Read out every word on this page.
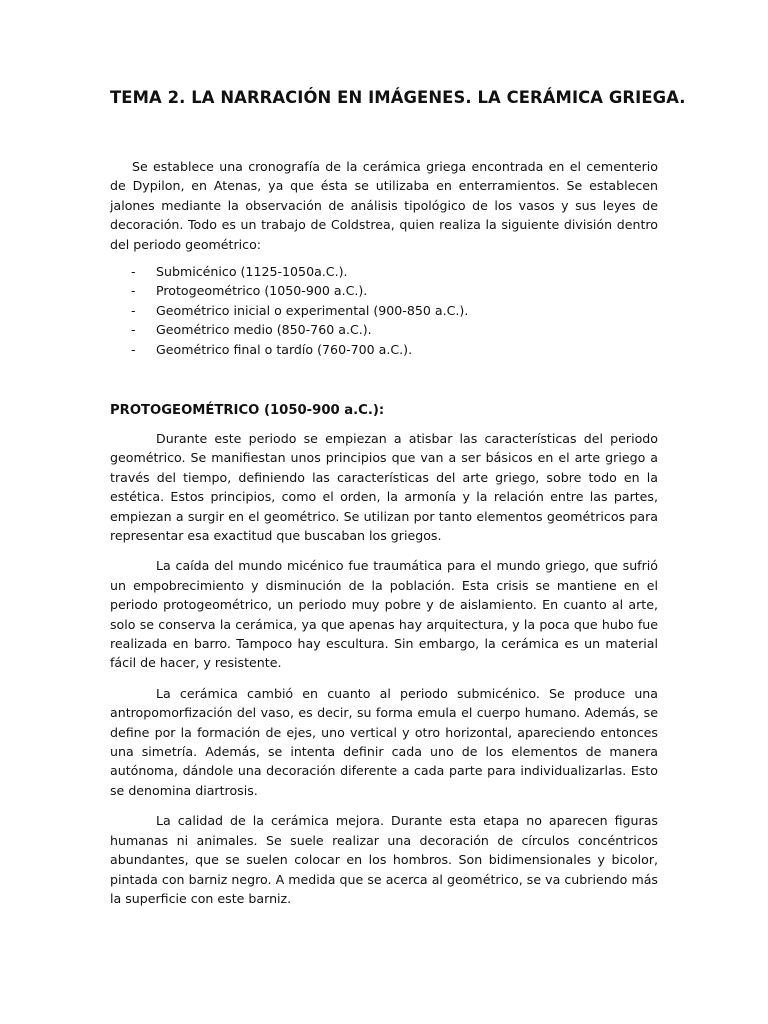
TEMA 2. LA NARRACIÓN EN IMÁGENES. LA CERÁMICA GRIEGA.

Se establece una cronografía de la cerámica griega encontrada en el cementerio de Dypilon, en Atenas, ya que ésta se utilizaba en enterramientos. Se establecen jalones mediante la observación de análisis tipológico de los vasos y sus leyes de decoración. Todo es un trabajo de Coldstrea, quien realiza la siguiente división dentro del periodo geométrico:

- Submicénico (1125-1050a.C.).
- Protogeométrico (1050-900 a.C.).
- Geométrico inicial o experimental (900-850 a.C.).
- Geométrico medio (850-760 a.C.).
- Geométrico final o tardío (760-700 a.C.).
PROTOGEOMÉTRICO (1050-900 a.C.):

Durante este periodo se empiezan a atisbar las características del periodo geométrico. Se manifiestan unos principios que van a ser básicos en el arte griego a través del tiempo, definiendo las características del arte griego, sobre todo en la estética. Estos principios, como el orden, la armonía y la relación entre las partes, empiezan a surgir en el geométrico. Se utilizan por tanto elementos geométricos para representar esa exactitud que buscaban los griegos.

La caída del mundo micénico fue traumática para el mundo griego, que sufrió un empobrecimiento y disminución de la población. Esta crisis se mantiene en el periodo protogeométrico, un periodo muy pobre y de aislamiento. En cuanto al arte, solo se conserva la cerámica, ya que apenas hay arquitectura, y la poca que hubo fue realizada en barro. Tampoco hay escultura. Sin embargo, la cerámica es un material fácil de hacer, y resistente.

La cerámica cambió en cuanto al periodo submicénico. Se produce una antropomorfización del vaso, es decir, su forma emula el cuerpo humano. Además, se define por la formación de ejes, uno vertical y otro horizontal, apareciendo entonces una simetría. Además, se intenta definir cada uno de los elementos de manera autónoma, dándole una decoración diferente a cada parte para individualizarlas. Esto se denomina diartrosis.

La calidad de la cerámica mejora. Durante esta etapa no aparecen figuras humanas ni animales. Se suele realizar una decoración de círculos concéntricos abundantes, que se suelen colocar en los hombros. Son bidimensionales y bicolor, pintada con barniz negro. A medida que se acerca al geométrico, se va cubriendo más la superficie con este barniz.
